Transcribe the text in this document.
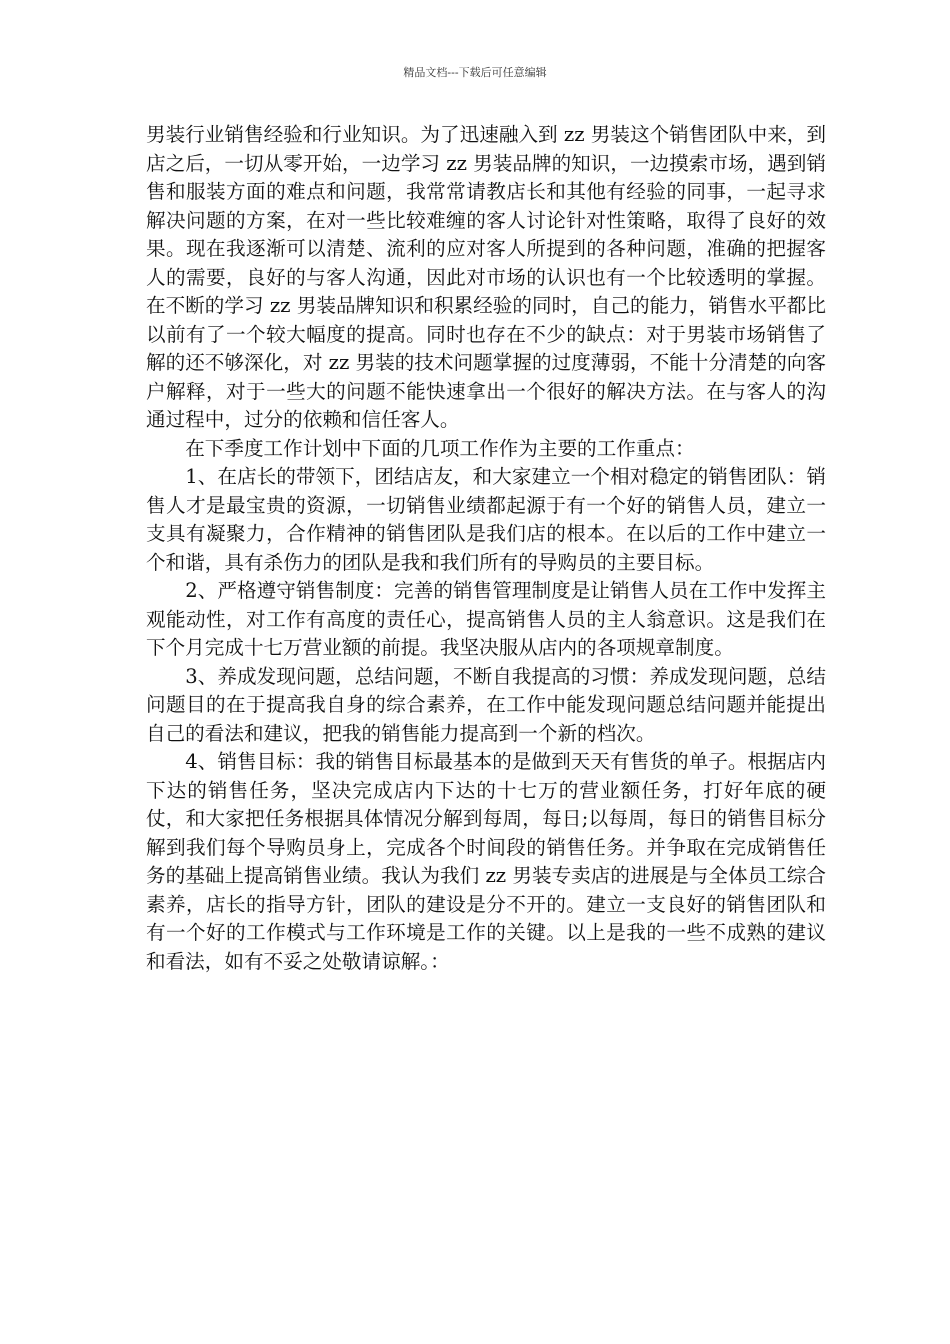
精品文档---下载后可任意编辑

男装行业销售经验和行业知识。为了迅速融入到 zz 男装这个销售团队中来，到店之后，一切从零开始，一边学习 zz 男装品牌的知识，一边摸索市场，遇到销售和服装方面的难点和问题，我常常请教店长和其他有经验的同事，一起寻求解决问题的方案，在对一些比较难缠的客人讨论针对性策略，取得了良好的效果。现在我逐渐可以清楚、流利的应对客人所提到的各种问题，准确的把握客人的需要，良好的与客人沟通，因此对市场的认识也有一个比较透明的掌握。在不断的学习 zz 男装品牌知识和积累经验的同时，自己的能力，销售水平都比以前有了一个较大幅度的提高。同时也存在不少的缺点：对于男装市场销售了解的还不够深化，对 zz 男装的技术问题掌握的过度薄弱，不能十分清楚的向客户解释，对于一些大的问题不能快速拿出一个很好的解决方法。在与客人的沟通过程中，过分的依赖和信任客人。

在下季度工作计划中下面的几项工作作为主要的工作重点：

1、在店长的带领下，团结店友，和大家建立一个相对稳定的销售团队：销售人才是最宝贵的资源，一切销售业绩都起源于有一个好的销售人员，建立一支具有凝聚力，合作精神的销售团队是我们店的根本。在以后的工作中建立一个和谐，具有杀伤力的团队是我和我们所有的导购员的主要目标。

2、严格遵守销售制度：完善的销售管理制度是让销售人员在工作中发挥主观能动性，对工作有高度的责任心，提高销售人员的主人翁意识。这是我们在下个月完成十七万营业额的前提。我坚决服从店内的各项规章制度。

3、养成发现问题，总结问题，不断自我提高的习惯：养成发现问题，总结问题目的在于提高我自身的综合素养，在工作中能发现问题总结问题并能提出自己的看法和建议，把我的销售能力提高到一个新的档次。

4、销售目标：我的销售目标最基本的是做到天天有售货的单子。根据店内下达的销售任务，坚决完成店内下达的十七万的营业额任务，打好年底的硬仗，和大家把任务根据具体情况分解到每周，每日;以每周，每日的销售目标分解到我们每个导购员身上，完成各个时间段的销售任务。并争取在完成销售任务的基础上提高销售业绩。我认为我们 zz 男装专卖店的进展是与全体员工综合素养，店长的指导方针，团队的建设是分不开的。建立一支良好的销售团队和有一个好的工作模式与工作环境是工作的关键。以上是我的一些不成熟的建议和看法，如有不妥之处敬请谅解。：
